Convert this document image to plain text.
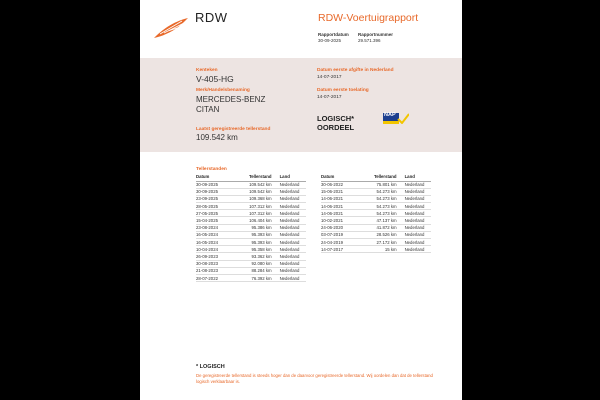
RDW	RDW-Voertuigrapport
Rapportdatum
30-09-2025
Rapportnummer
29.571.396
Kenteken
V-405-HG
Merk/Handelsbenaming
MERCEDES-BENZ
CITAN
Laatst geregistreerde tellerstand
109.542 km
Datum eerste afgifte in Nederland
14-07-2017
Datum eerste toelating
14-07-2017
LOGISCH*
OORDEEL
NAP
Tellerstanden
Datum	Tellerstand	Land
30-09-2025	109.542 km	Nederland
30-09-2025	109.542 km	Nederland
23-09-2025	109.368 km	Nederland
28-05-2025	107.312 km	Nederland
27-05-2025	107.312 km	Nederland
15-04-2025	106.404 km	Nederland
23-08-2024	95.386 km	Nederland
16-05-2024	95.393 km	Nederland
16-05-2024	95.393 km	Nederland
10-04-2024	95.358 km	Nederland
26-09-2023	93.362 km	Nederland
30-08-2023	92.080 km	Nederland
21-08-2023	88.284 km	Nederland
28-07-2022	76.392 km	Nederland
Datum	Tellerstand	Land
30-06-2022	75.801 km	Nederland
15-06-2021	54.273 km	Nederland
14-06-2021	54.273 km	Nederland
14-06-2021	54.273 km	Nederland
14-06-2021	54.273 km	Nederland
10-02-2021	47.137 km	Nederland
24-06-2020	41.872 km	Nederland
03-07-2019	28.526 km	Nederland
24-04-2019	27.172 km	Nederland
14-07-2017	15 km	Nederland
* LOGISCH
De geregistreerde tellerstand is steeds hoger dan de daarvoor geregistreerde tellerstand. Wij oordelen dan dat de tellerstand logisch verklaarbaar is.
